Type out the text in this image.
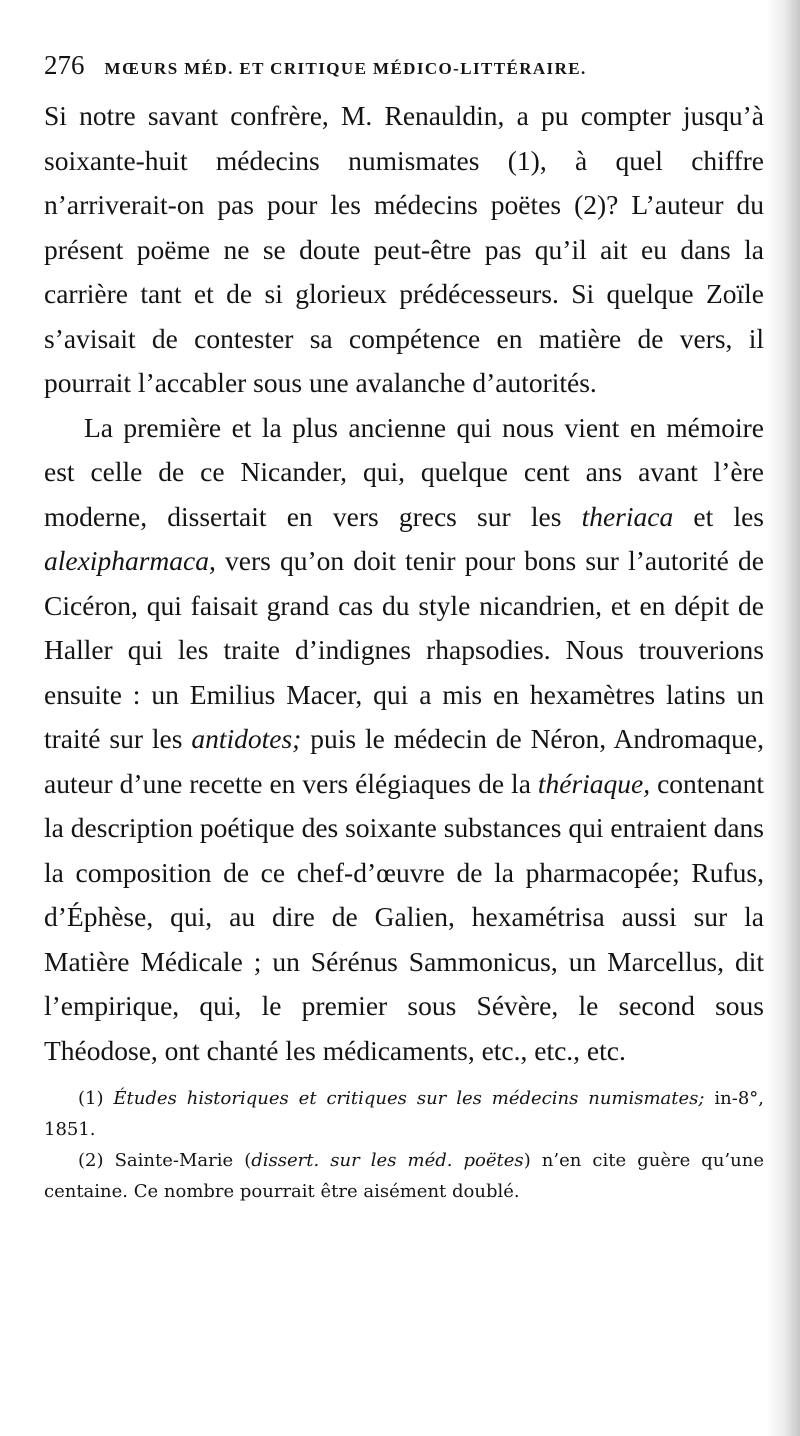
276 MŒURS MÉD. ET CRITIQUE MÉDICO-LITTÉRAIRE.

Si notre savant confrère, M. Renauldin, a pu compter jusqu’à soixante-huit médecins numismates (1), à quel chiffre n’arriverait-on pas pour les médecins poëtes (2)? L’auteur du présent poëme ne se doute peut-être pas qu’il ait eu dans la carrière tant et de si glorieux prédécesseurs. Si quelque Zoïle s’avisait de contester sa compétence en matière de vers, il pourrait l’accabler sous une avalanche d’autorités.

La première et la plus ancienne qui nous vient en mémoire est celle de ce Nicander, qui, quelque cent ans avant l’ère moderne, dissertait en vers grecs sur les theriaca et les alexipharmaca, vers qu’on doit tenir pour bons sur l’autorité de Cicéron, qui faisait grand cas du style nicandrien, et en dépit de Haller qui les traite d’indignes rhapsodies. Nous trouverions ensuite : un Emilius Macer, qui a mis en hexamètres latins un traité sur les antidotes; puis le médecin de Néron, Andromaque, auteur d’une recette en vers élégiaques de la thériaque, contenant la description poétique des soixante substances qui entraient dans la composition de ce chef-d’œuvre de la pharmacopée; Rufus, d’Éphèse, qui, au dire de Galien, hexamétrisa aussi sur la Matière Médicale ; un Sérénus Sammonicus, un Marcellus, dit l’empirique, qui, le premier sous Sévère, le second sous Théodose, ont chanté les médicaments, etc., etc., etc.

(1) Études historiques et critiques sur les médecins numismates; in-8°, 1851.

(2) Sainte-Marie (dissert. sur les méd. poëtes) n’en cite guère qu’une centaine. Ce nombre pourrait être aisément doublé.
